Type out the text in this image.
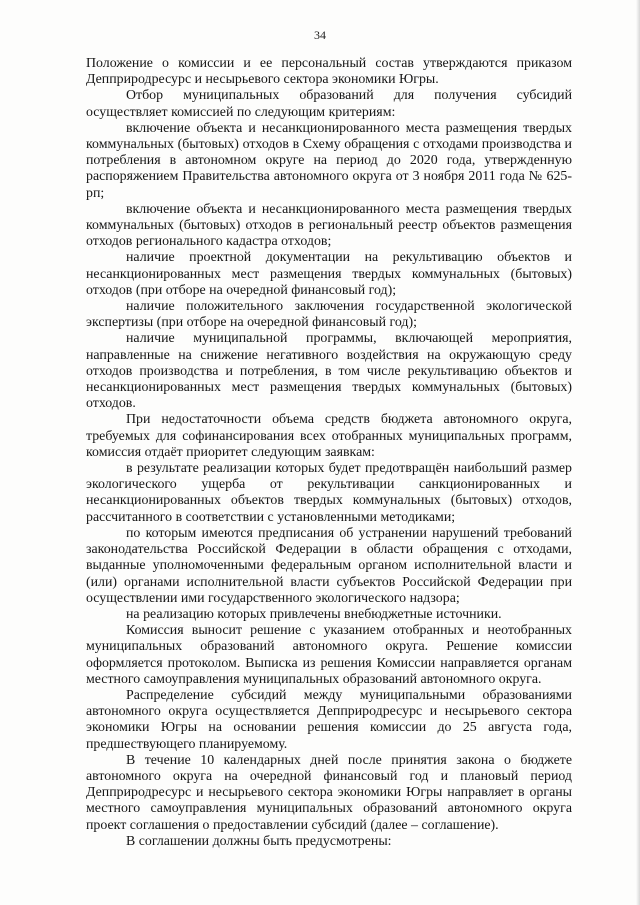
34

Положение о комиссии и ее персональный состав утверждаются приказом Депприродресурс и несырьевого сектора экономики Югры.

Отбор муниципальных образований для получения субсидий осуществляет комиссией по следующим критериям:

включение объекта и несанкционированного места размещения твердых коммунальных (бытовых) отходов в Схему обращения с отходами производства и потребления в автономном округе на период до 2020 года, утвержденную распоряжением Правительства автономного округа от 3 ноября 2011 года № 625-рп;

включение объекта и несанкционированного места размещения твердых коммунальных (бытовых) отходов в региональный реестр объектов размещения отходов регионального кадастра отходов;

наличие проектной документации на рекультивацию объектов и несанкционированных мест размещения твердых коммунальных (бытовых) отходов (при отборе на очередной финансовый год);

наличие положительного заключения государственной экологической экспертизы (при отборе на очередной финансовый год);

наличие муниципальной программы, включающей мероприятия, направленные на снижение негативного воздействия на окружающую среду отходов производства и потребления, в том числе рекультивацию объектов и несанкционированных мест размещения твердых коммунальных (бытовых) отходов.

При недостаточности объема средств бюджета автономного округа, требуемых для софинансирования всех отобранных муниципальных программ, комиссия отдаёт приоритет следующим заявкам:

в результате реализации которых будет предотвращён наибольший размер экологического ущерба от рекультивации санкционированных и несанкционированных объектов твердых коммунальных (бытовых) отходов, рассчитанного в соответствии с установленными методиками;

по которым имеются предписания об устранении нарушений требований законодательства Российской Федерации в области обращения с отходами, выданные уполномоченными федеральным органом исполнительной власти и (или) органами исполнительной власти субъектов Российской Федерации при осуществлении ими государственного экологического надзора;

на реализацию которых привлечены внебюджетные источники.

Комиссия выносит решение с указанием отобранных и неотобранных муниципальных образований автономного округа. Решение комиссии оформляется протоколом. Выписка из решения Комиссии направляется органам местного самоуправления муниципальных образований автономного округа.

Распределение субсидий между муниципальными образованиями автономного округа осуществляется Депприродресурс и несырьевого сектора экономики Югры на основании решения комиссии до 25 августа года, предшествующего планируемому.

В течение 10 календарных дней после принятия закона о бюджете автономного округа на очередной финансовый год и плановый период Депприродресурс и несырьевого сектора экономики Югры направляет в органы местного самоуправления муниципальных образований автономного округа проект соглашения о предоставлении субсидий (далее – соглашение).

В соглашении должны быть предусмотрены:
